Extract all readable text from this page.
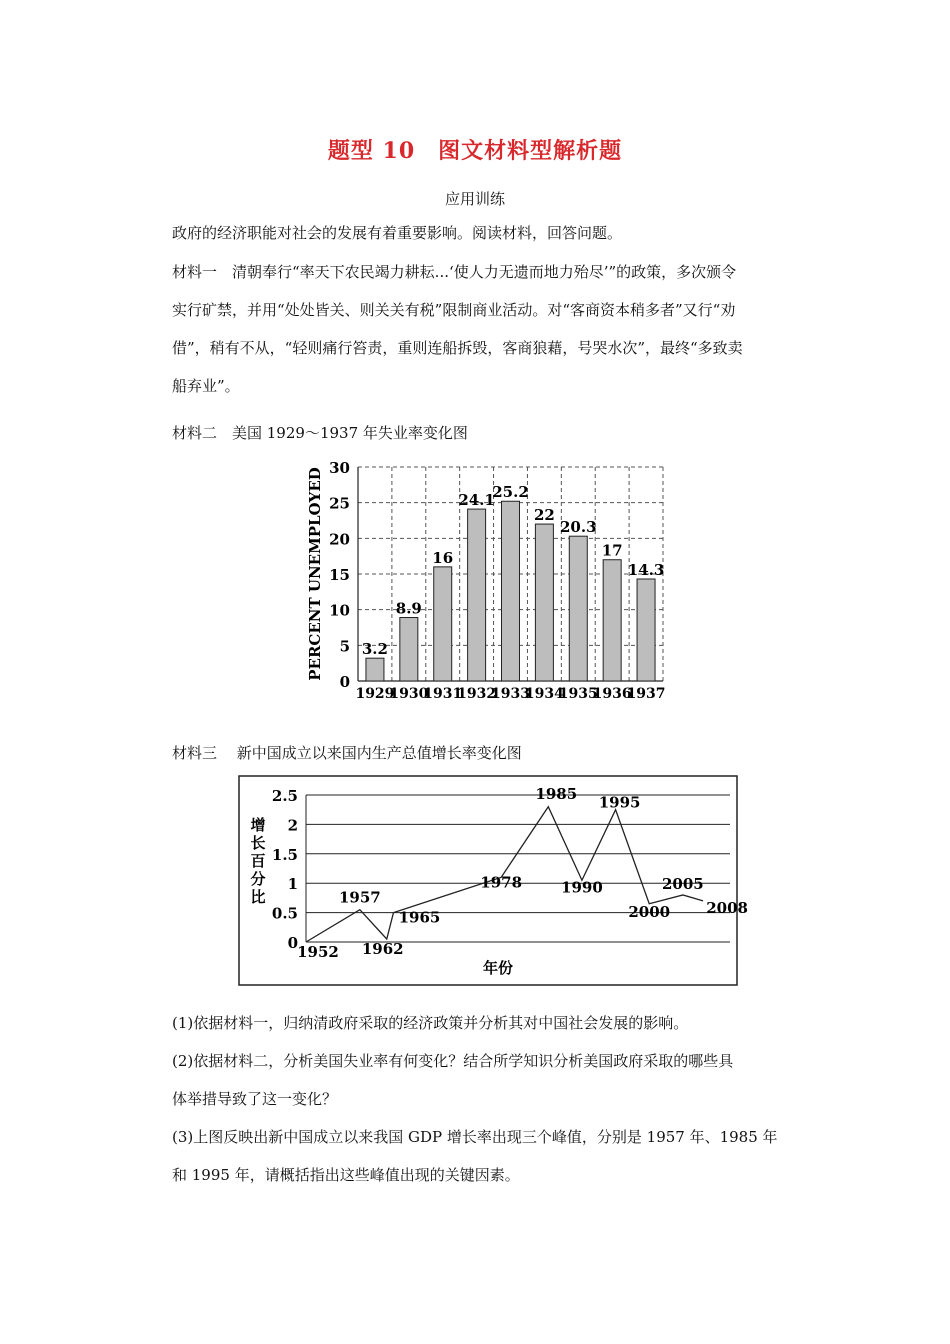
题型 10　图文材料型解析题
应用训练
政府的经济职能对社会的发展有着重要影响。阅读材料，回答问题。
材料一　清朝奉行“率天下农民竭力耕耘...‘使人力无遗而地力殆尽’”的政策，多次颁令
实行矿禁，并用“处处皆关、则关关有税”限制商业活动。对“客商资本稍多者”又行“劝
借”，稍有不从，“轻则痛行笞责，重则连船拆毁，客商狼藉，号哭水次”，最终“多致卖
船弃业”。
材料二　美国 1929～1937 年失业率变化图
0
5
10
15
20
25
30
PERCENT UNEMPLOYED	3.2
1929
8.9
1930
16
1931
24.1
1932
25.2
1933
22
1934
20.3
1935
17
1936
14.3
1937
材料三　 新中国成立以来国内生产总值增长率变化图
0
0.5
1
1.5
2
2.5
增
长
百
分
比
年份
1952
1957
1962
1965
1978
1985
1990
1995
2000
2005
2008
(1)依据材料一，归纳清政府采取的经济政策并分析其对中国社会发展的影响。
(2)依据材料二，分析美国失业率有何变化？结合所学知识分析美国政府采取的哪些具
体举措导致了这一变化？
(3)上图反映出新中国成立以来我国 GDP 增长率出现三个峰值，分别是 1957 年、1985 年
和 1995 年，请概括指出这些峰值出现的关键因素。
